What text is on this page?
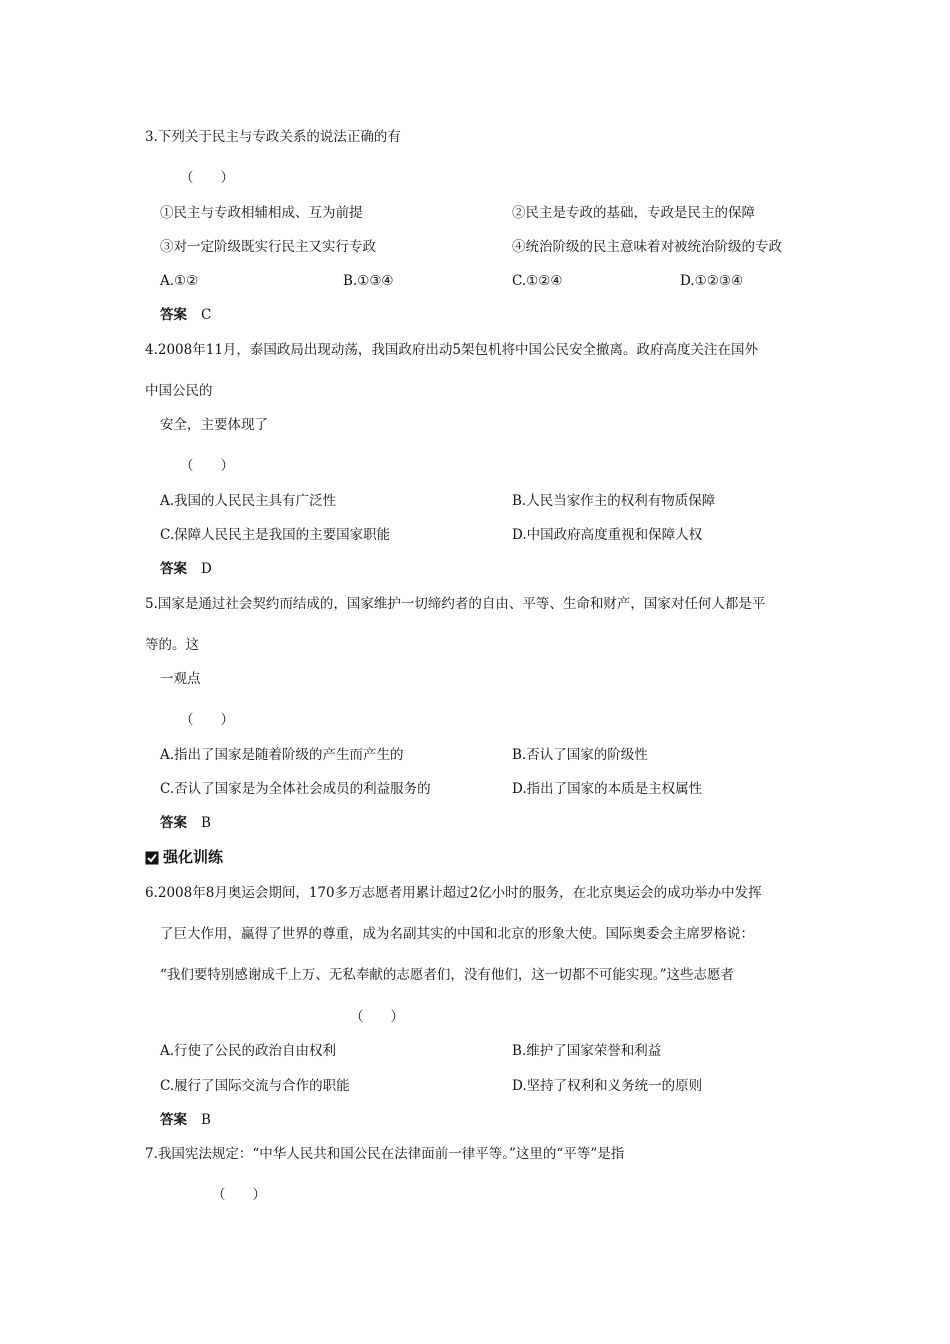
3.下列关于民主与专政关系的说法正确的有
（　　）
①民主与专政相辅相成、互为前提	②民主是专政的基础，专政是民主的保障
③对一定阶级既实行民主又实行专政	④统治阶级的民主意味着对被统治阶级的专政
A.①②	B.①③④	C.①②④	D.①②③④
答案 C
4.2008年11月，泰国政局出现动荡，我国政府出动5架包机将中国公民安全撤离。政府高度关注在国外
中国公民的
安全，主要体现了
（　　）
A.我国的人民民主具有广泛性	B.人民当家作主的权利有物质保障
C.保障人民民主是我国的主要国家职能	D.中国政府高度重视和保障人权
答案 D
5.国家是通过社会契约而结成的，国家维护一切缔约者的自由、平等、生命和财产，国家对任何人都是平
等的。这
一观点
（　　）
A.指出了国家是随着阶级的产生而产生的	B.否认了国家的阶级性
C.否认了国家是为全体社会成员的利益服务的	D.指出了国家的本质是主权属性
答案 B
强化训练
6.2008年8月奥运会期间，170多万志愿者用累计超过2亿小时的服务，在北京奥运会的成功举办中发挥
了巨大作用，赢得了世界的尊重，成为名副其实的中国和北京的形象大使。国际奥委会主席罗格说：
“我们要特别感谢成千上万、无私奉献的志愿者们，没有他们，这一切都不可能实现。”这些志愿者
（　　）
A.行使了公民的政治自由权利	B.维护了国家荣誉和利益
C.履行了国际交流与合作的职能	D.坚持了权利和义务统一的原则
答案 B
7.我国宪法规定：“中华人民共和国公民在法律面前一律平等。”这里的“平等”是指
（　　）
